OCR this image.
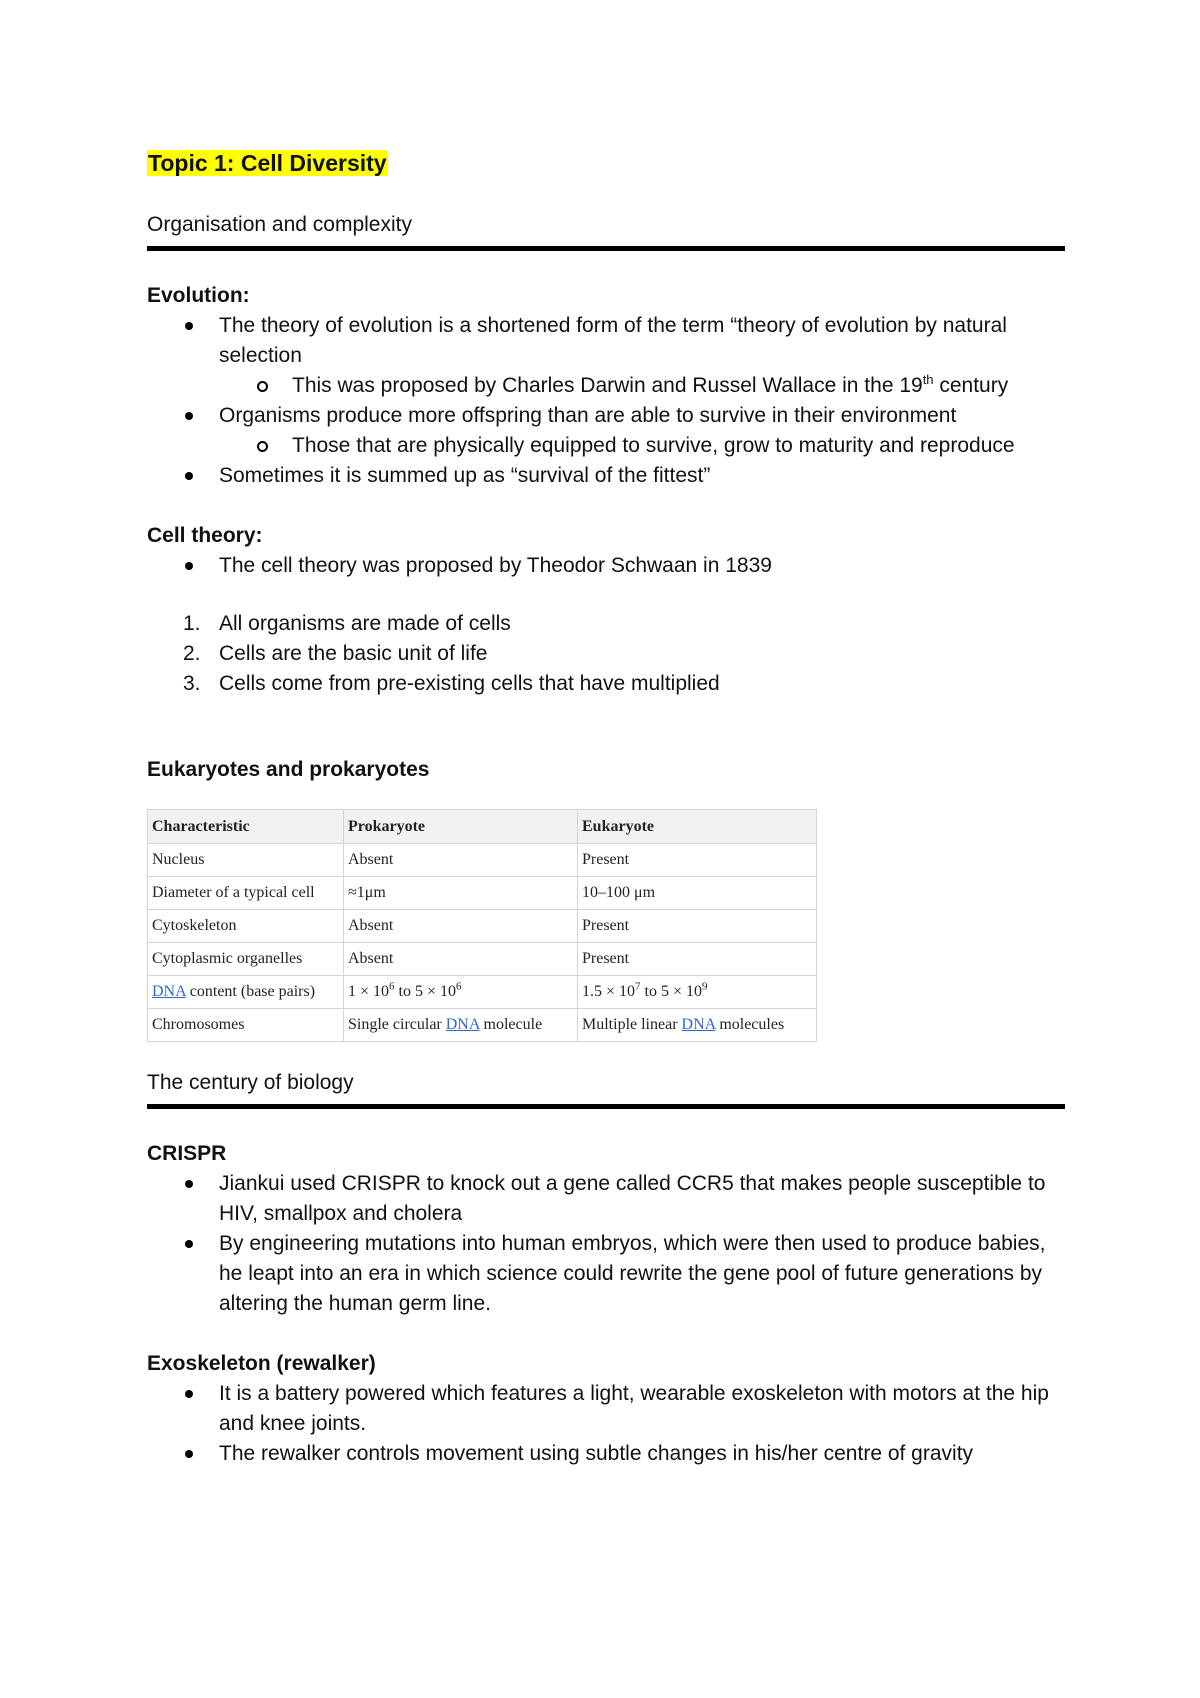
Topic 1: Cell Diversity
Organisation and complexity
Evolution:
The theory of evolution is a shortened form of the term “theory of evolution by natural selection
This was proposed by Charles Darwin and Russel Wallace in the 19th century
Organisms produce more offspring than are able to survive in their environment
Those that are physically equipped to survive, grow to maturity and reproduce
Sometimes it is summed up as “survival of the fittest”
Cell theory:
The cell theory was proposed by Theodor Schwaan in 1839
1. All organisms are made of cells
2. Cells are the basic unit of life
3. Cells come from pre-existing cells that have multiplied
Eukaryotes and prokaryotes
Characteristic	Prokaryote	Eukaryote
Nucleus	Absent	Present
Diameter of a typical cell	≈1μm	10–100 μm
Cytoskeleton	Absent	Present
Cytoplasmic organelles	Absent	Present
DNA content (base pairs)	$1 \times 10^6$ to $5 \times 10^6$	$1.5 \times 10^7$ to $5 \times 10^9$
Chromosomes	Single circular DNA molecule	Multiple linear DNA molecules
The century of biology
CRISPR
Jiankui used CRISPR to knock out a gene called CCR5 that makes people susceptible to HIV, smallpox and cholera
By engineering mutations into human embryos, which were then used to produce babies, he leapt into an era in which science could rewrite the gene pool of future generations by altering the human germ line.
Exoskeleton (rewalker)
It is a battery powered which features a light, wearable exoskeleton with motors at the hip and knee joints.
The rewalker controls movement using subtle changes in his/her centre of gravity
